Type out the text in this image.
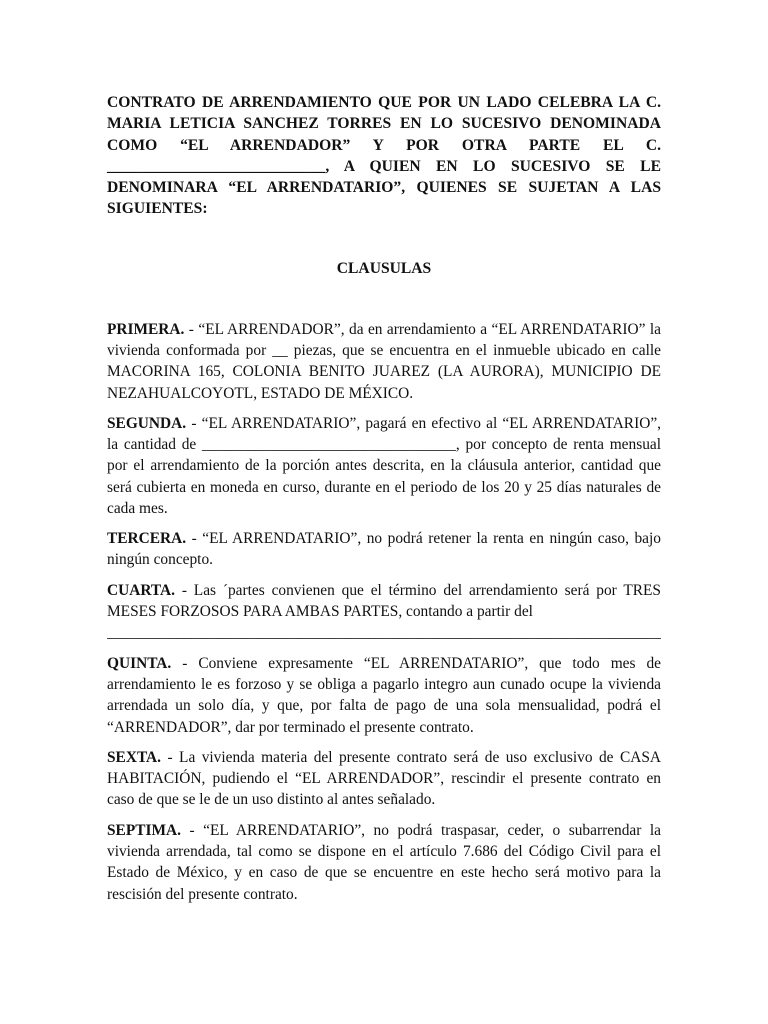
CONTRATO DE ARRENDAMIENTO QUE POR UN LADO CELEBRA LA C. MARIA LETICIA SANCHEZ TORRES EN LO SUCESIVO DENOMINADA COMO “EL ARRENDADOR” Y POR OTRA PARTE EL C. ____________________________, A QUIEN EN LO SUCESIVO SE LE DENOMINARA “EL ARRENDATARIO”, QUIENES SE SUJETAN A LAS SIGUIENTES:

CLAUSULAS

PRIMERA. - “EL ARRENDADOR”, da en arrendamiento a “EL ARRENDATARIO” la vivienda conformada por __ piezas, que se encuentra en el inmueble ubicado en calle MACORINA 165, COLONIA BENITO JUAREZ (LA AURORA), MUNICIPIO DE NEZAHUALCOYOTL, ESTADO DE MÉXICO.

SEGUNDA. - “EL ARRENDATARIO”, pagará en efectivo al “EL ARRENDATARIO”, la cantidad de _________________________________, por concepto de renta mensual por el arrendamiento de la porción antes descrita, en la cláusula anterior, cantidad que será cubierta en moneda en curso, durante en el periodo de los 20 y 25 días naturales de cada mes.

TERCERA. - “EL ARRENDATARIO”, no podrá retener la renta en ningún caso, bajo ningún concepto.

CUARTA. - Las ´partes convienen que el término del arrendamiento será por TRES MESES FORZOSOS PARA AMBAS PARTES, contando a partir del
________________________________________________________________________

QUINTA. - Conviene expresamente “EL ARRENDATARIO”, que todo mes de arrendamiento le es forzoso y se obliga a pagarlo integro aun cunado ocupe la vivienda arrendada un solo día, y que, por falta de pago de una sola mensualidad, podrá el “ARRENDADOR”, dar por terminado el presente contrato.

SEXTA. - La vivienda materia del presente contrato será de uso exclusivo de CASA HABITACIÓN, pudiendo el “EL ARRENDADOR”, rescindir el presente contrato en caso de que se le de un uso distinto al antes señalado.

SEPTIMA. - “EL ARRENDATARIO”, no podrá traspasar, ceder, o subarrendar la vivienda arrendada, tal como se dispone en el artículo 7.686 del Código Civil para el Estado de México, y en caso de que se encuentre en este hecho será motivo para la rescisión del presente contrato.
